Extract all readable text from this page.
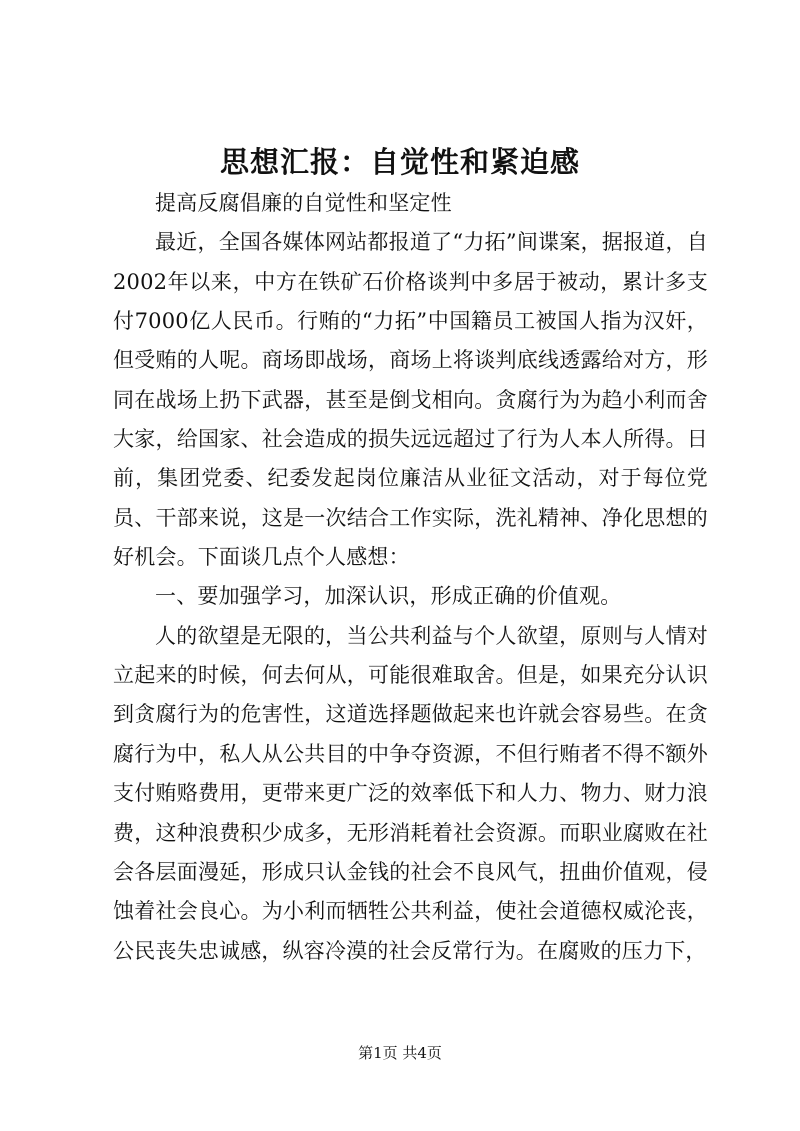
思想汇报：自觉性和紧迫感

提高反腐倡廉的自觉性和坚定性

最近，全国各媒体网站都报道了“力拓”间谍案，据报道，自2002年以来，中方在铁矿石价格谈判中多居于被动，累计多支付7000亿人民币。行贿的“力拓”中国籍员工被国人指为汉奸，但受贿的人呢。商场即战场，商场上将谈判底线透露给对方，形同在战场上扔下武器，甚至是倒戈相向。贪腐行为为趋小利而舍大家，给国家、社会造成的损失远远超过了行为人本人所得。日前，集团党委、纪委发起岗位廉洁从业征文活动，对于每位党员、干部来说，这是一次结合工作实际，洗礼精神、净化思想的好机会。下面谈几点个人感想：

一、要加强学习，加深认识，形成正确的价值观。

人的欲望是无限的，当公共利益与个人欲望，原则与人情对立起来的时候，何去何从，可能很难取舍。但是，如果充分认识到贪腐行为的危害性，这道选择题做起来也许就会容易些。在贪腐行为中，私人从公共目的中争夺资源，不但行贿者不得不额外支付贿赂费用，更带来更广泛的效率低下和人力、物力、财力浪费，这种浪费积少成多，无形消耗着社会资源。而职业腐败在社会各层面漫延，形成只认金钱的社会不良风气，扭曲价值观，侵蚀着社会良心。为小利而牺牲公共利益，使社会道德权威沦丧，公民丧失忠诚感，纵容冷漠的社会反常行为。在腐败的压力下，

第1页 共4页
